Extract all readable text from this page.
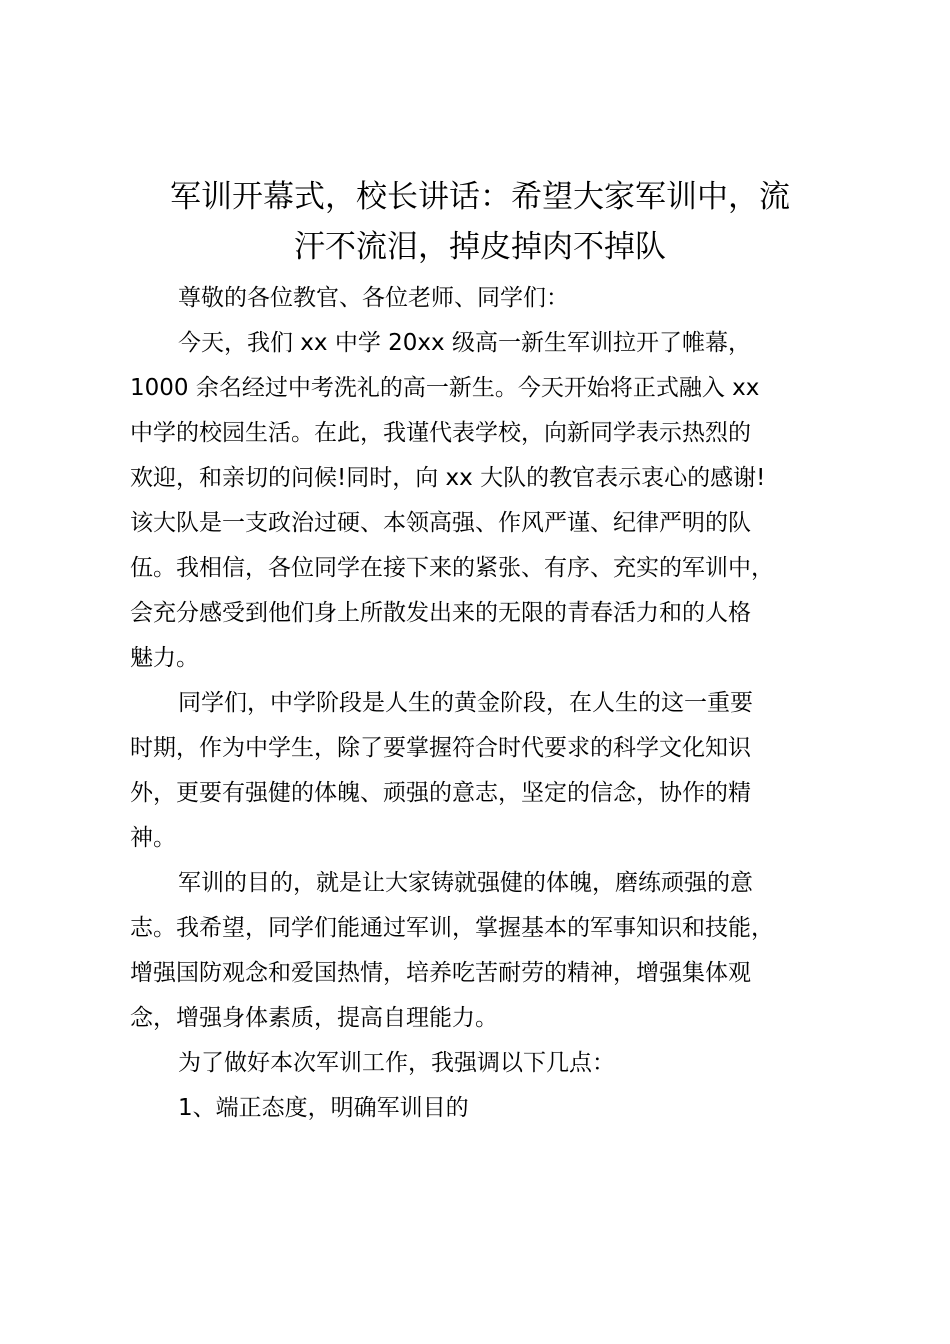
军训开幕式，校长讲话：希望大家军训中，流
汗不流泪，掉皮掉肉不掉队

尊敬的各位教官、各位老师、同学们：

今天，我们 xx 中学 20xx 级高一新生军训拉开了帷幕，

1000 余名经过中考洗礼的高一新生。今天开始将正式融入 xx

中学的校园生活。在此，我谨代表学校，向新同学表示热烈的

欢迎，和亲切的问候!同时，向 xx 大队的教官表示衷心的感谢!

该大队是一支政治过硬、本领高强、作风严谨、纪律严明的队

伍。我相信，各位同学在接下来的紧张、有序、充实的军训中，

会充分感受到他们身上所散发出来的无限的青春活力和的人格

魅力。

同学们，中学阶段是人生的黄金阶段，在人生的这一重要

时期，作为中学生，除了要掌握符合时代要求的科学文化知识

外，更要有强健的体魄、顽强的意志，坚定的信念，协作的精

神。

军训的目的，就是让大家铸就强健的体魄，磨练顽强的意

志。我希望，同学们能通过军训，掌握基本的军事知识和技能，

增强国防观念和爱国热情，培养吃苦耐劳的精神，增强集体观

念，增强身体素质，提高自理能力。

为了做好本次军训工作，我强调以下几点：

1、端正态度，明确军训目的
